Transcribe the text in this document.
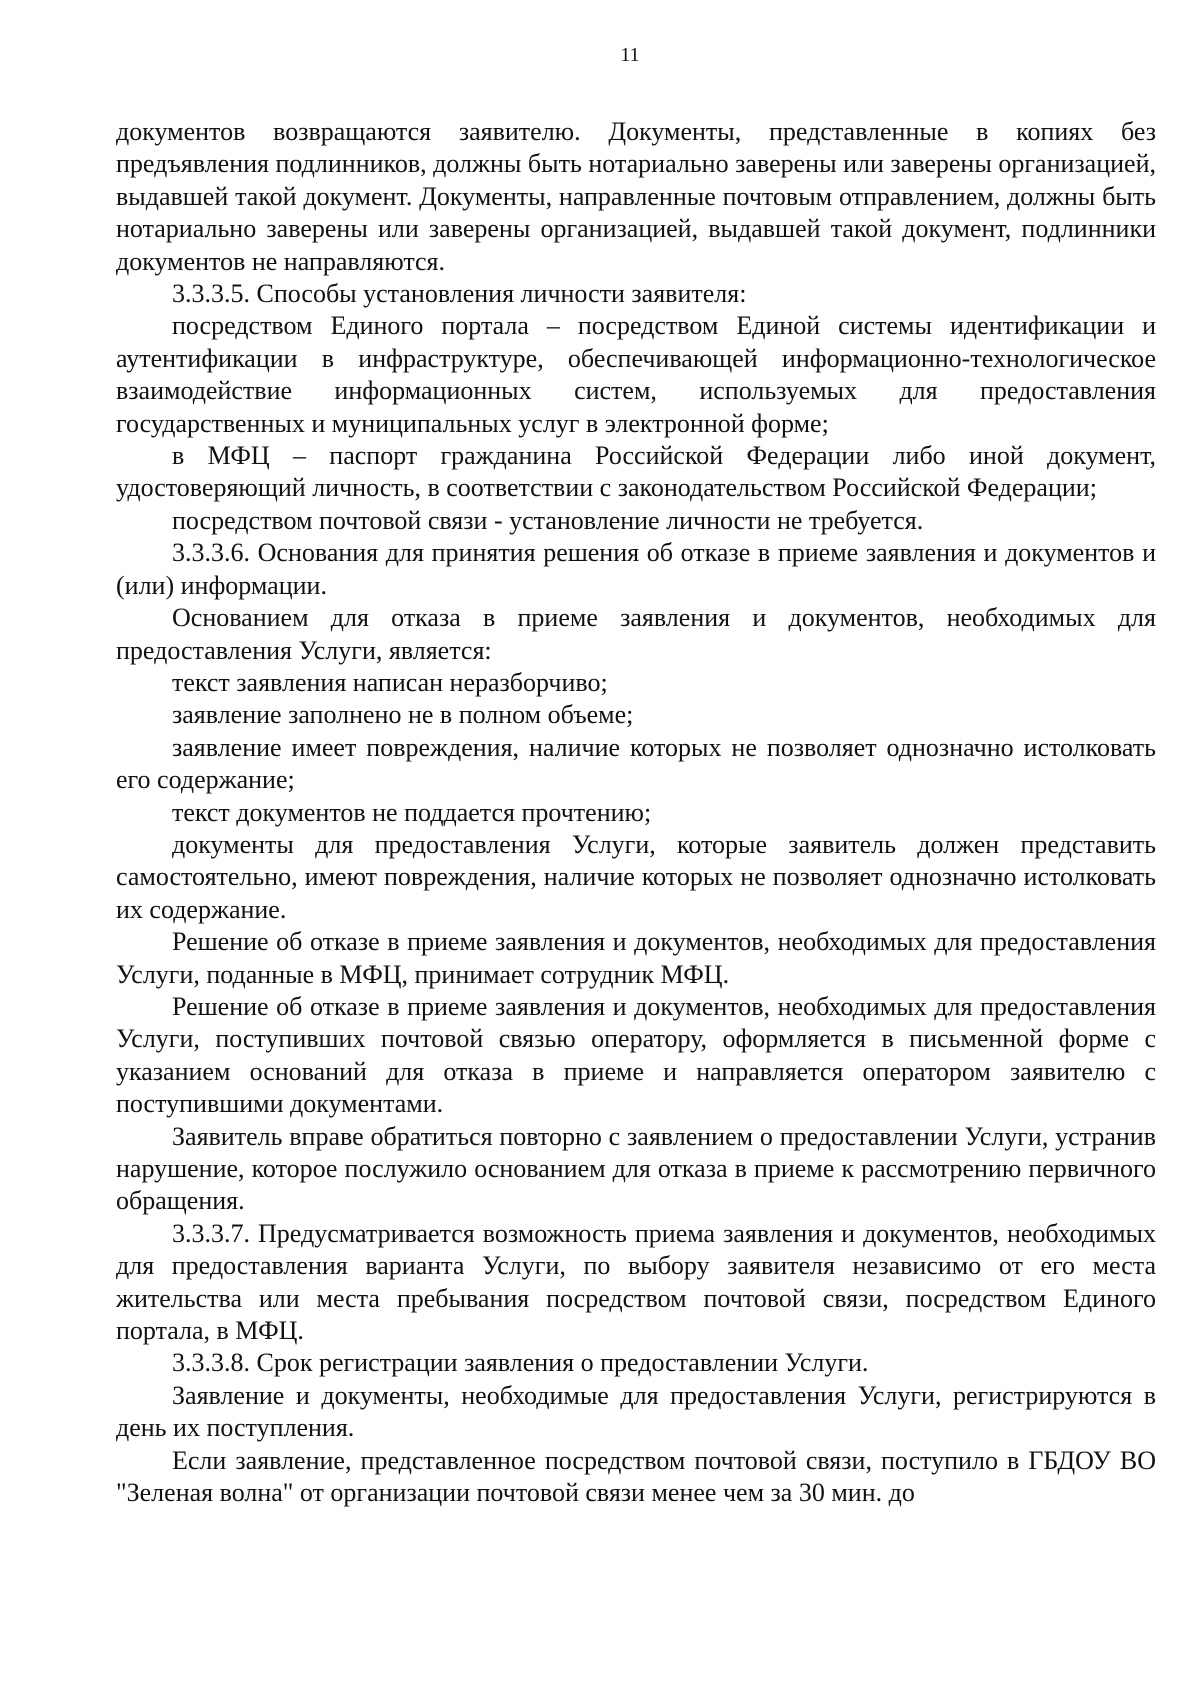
11

документов возвращаются заявителю. Документы, представленные в копиях без предъявления подлинников, должны быть нотариально заверены или заверены организацией, выдавшей такой документ. Документы, направленные почтовым отправлением, должны быть нотариально заверены или заверены организацией, выдавшей такой документ, подлинники документов не направляются.

3.3.3.5. Способы установления личности заявителя:

посредством Единого портала – посредством Единой системы идентификации и аутентификации в инфраструктуре, обеспечивающей информационно-технологическое взаимодействие информационных систем, используемых для предоставления государственных и муниципальных услуг в электронной форме;

в МФЦ – паспорт гражданина Российской Федерации либо иной документ, удостоверяющий личность, в соответствии с законодательством Российской Федерации;

посредством почтовой связи - установление личности не требуется.

3.3.3.6. Основания для принятия решения об отказе в приеме заявления и документов и (или) информации.

Основанием для отказа в приеме заявления и документов, необходимых для предоставления Услуги, является:

текст заявления написан неразборчиво;

заявление заполнено не в полном объеме;

заявление имеет повреждения, наличие которых не позволяет однозначно истолковать его содержание;

текст документов не поддается прочтению;

документы для предоставления Услуги, которые заявитель должен представить самостоятельно, имеют повреждения, наличие которых не позволяет однозначно истолковать их содержание.

Решение об отказе в приеме заявления и документов, необходимых для предоставления Услуги, поданные в МФЦ, принимает сотрудник МФЦ.

Решение об отказе в приеме заявления и документов, необходимых для предоставления Услуги, поступивших почтовой связью оператору, оформляется в письменной форме с указанием оснований для отказа в приеме и направляется оператором заявителю с поступившими документами.

Заявитель вправе обратиться повторно с заявлением о предоставлении Услуги, устранив нарушение, которое послужило основанием для отказа в приеме к рассмотрению первичного обращения.

3.3.3.7. Предусматривается возможность приема заявления и документов, необходимых для предоставления варианта Услуги, по выбору заявителя независимо от его места жительства или места пребывания посредством почтовой связи, посредством Единого портала, в МФЦ.

3.3.3.8. Срок регистрации заявления о предоставлении Услуги.

Заявление и документы, необходимые для предоставления Услуги, регистрируются в день их поступления.

Если заявление, представленное посредством почтовой связи, поступило в ГБДОУ ВО "Зеленая волна" от организации почтовой связи менее чем за 30 мин. до
